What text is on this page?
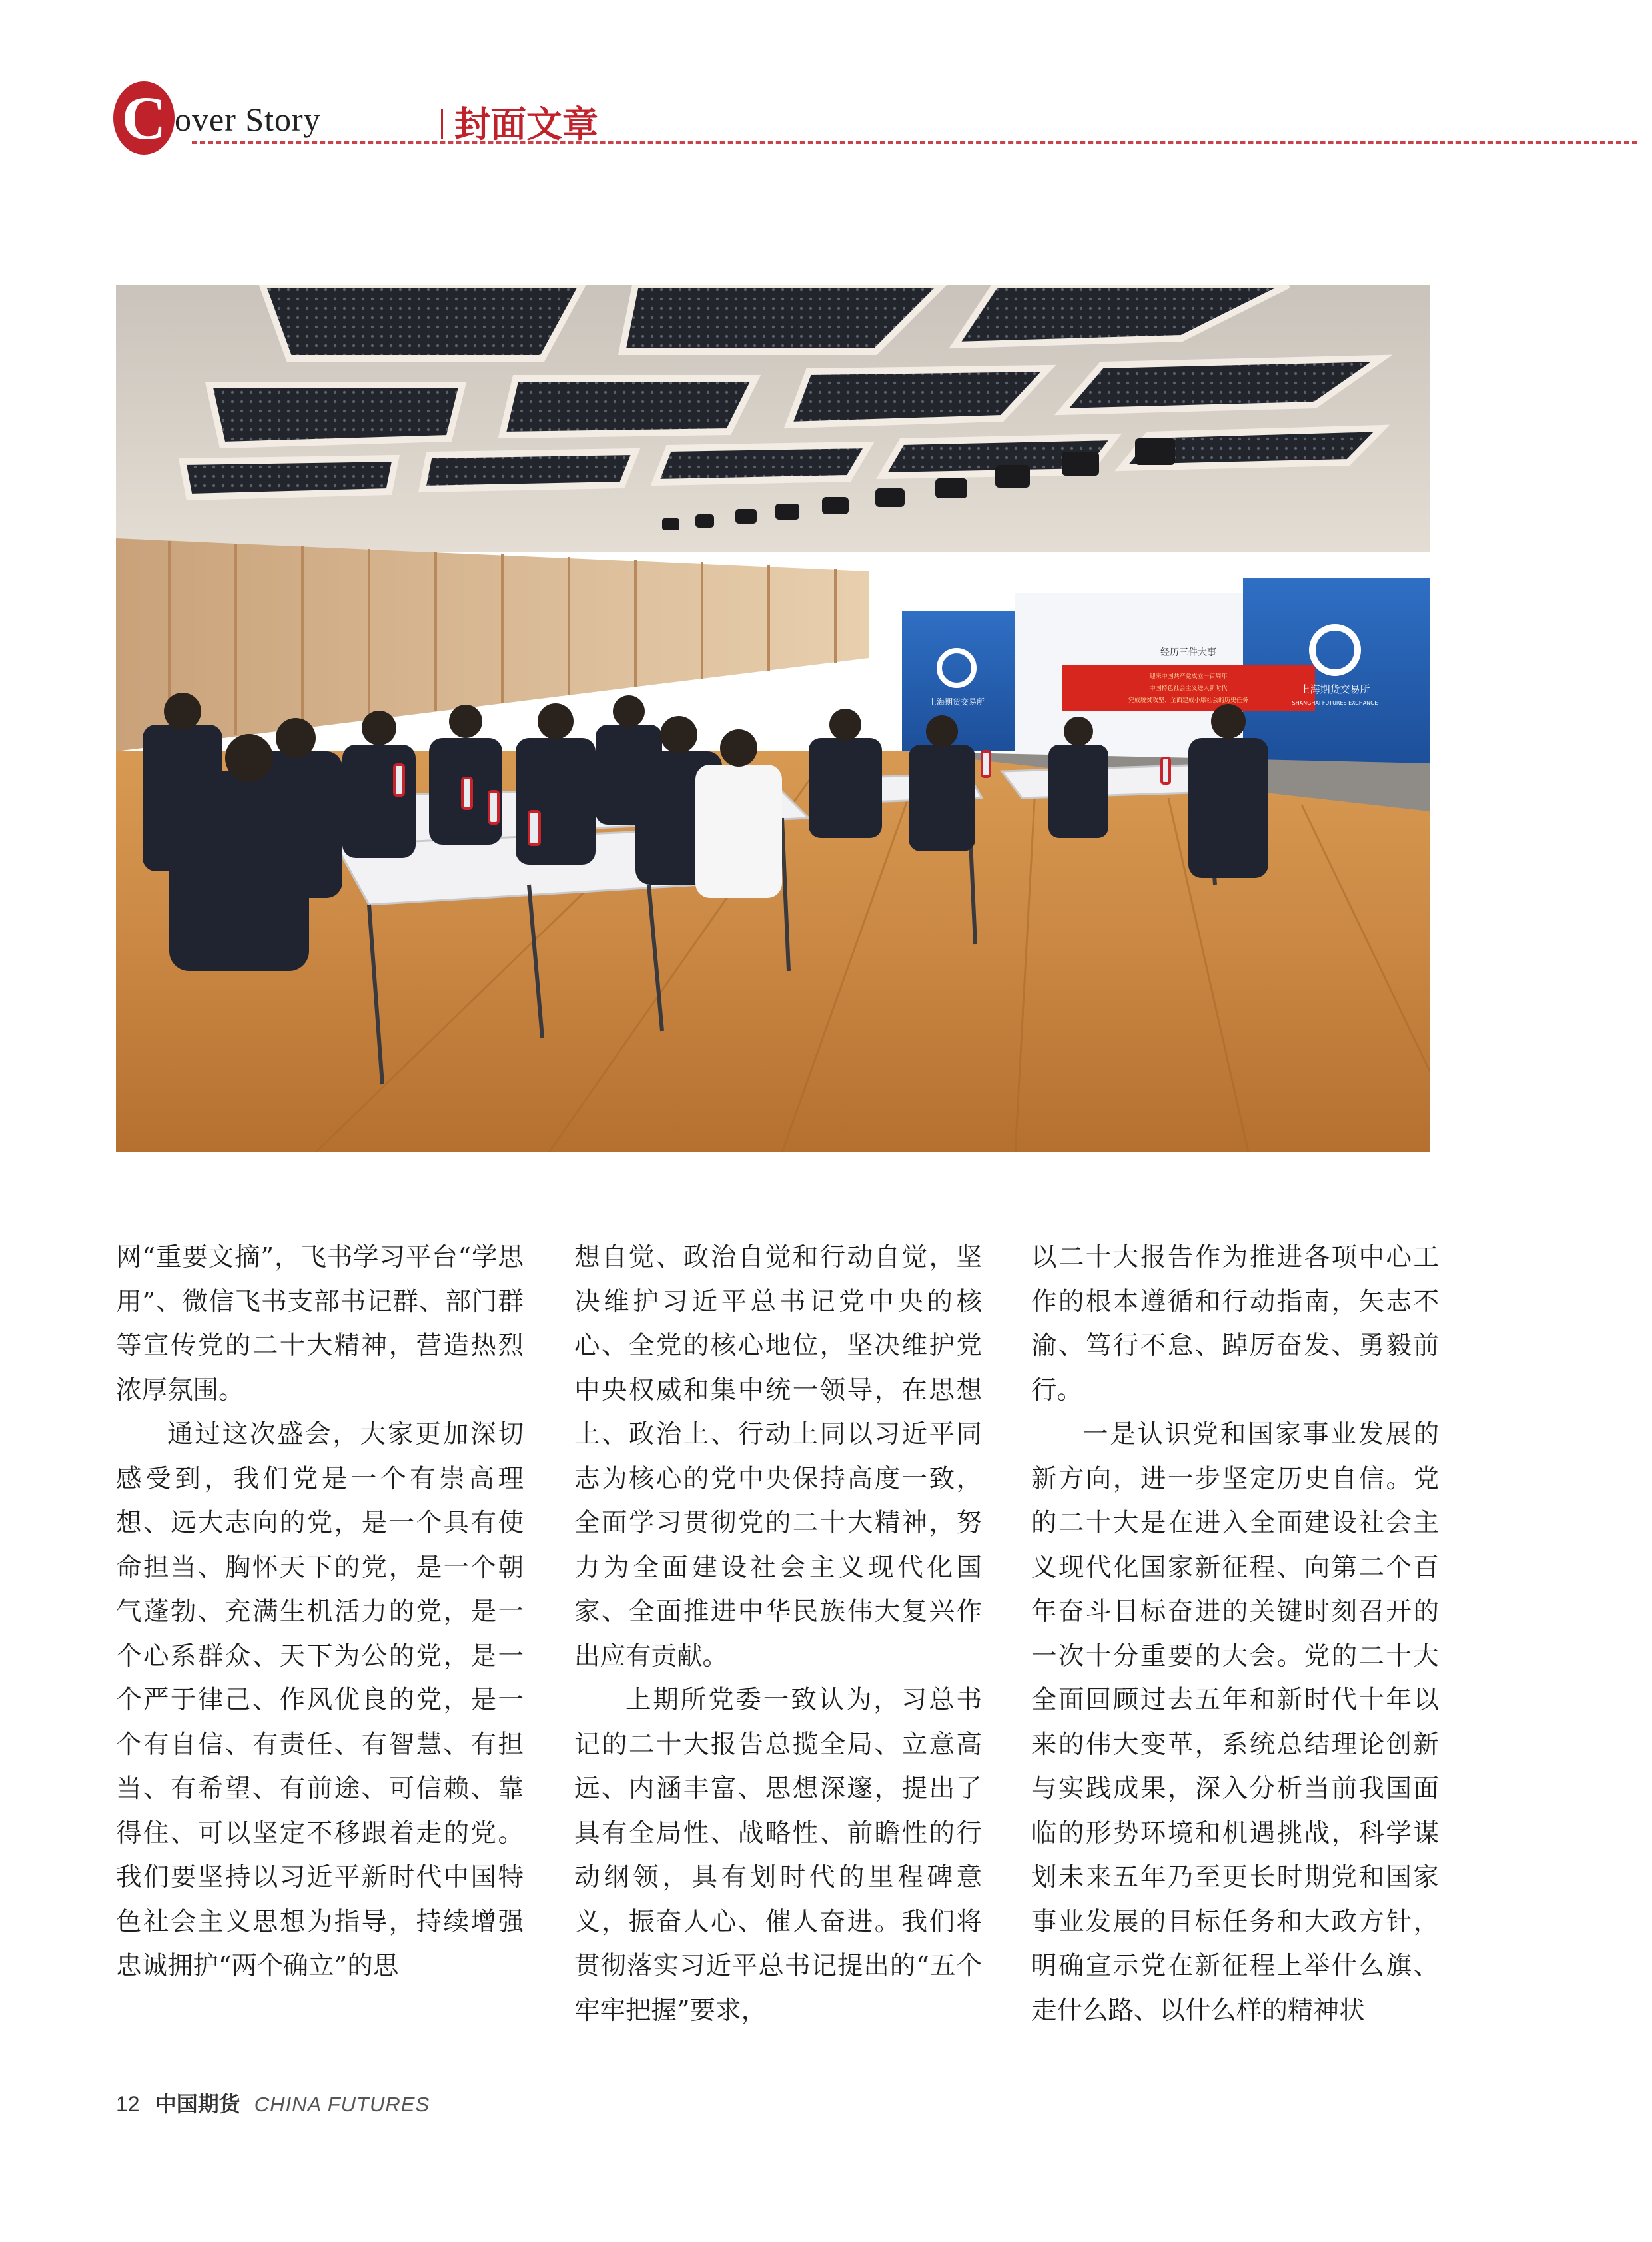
C over Story	封面文章
经历三件大事
迎来中国共产党成立一百周年
中国特色社会主义进入新时代
完成脱贫攻坚、全面建成小康社会的历史任务
上海期货交易所
上海期货交易所
SHANGHAI FUTURES EXCHANGE

网“重要文摘”，飞书学习平台“学思用”、微信飞书支部书记群、部门群等宣传党的二十大精神，营造热烈浓厚氛围。

通过这次盛会，大家更加深切感受到，我们党是一个有崇高理想、远大志向的党，是一个具有使命担当、胸怀天下的党，是一个朝气蓬勃、充满生机活力的党，是一个心系群众、天下为公的党，是一个严于律己、作风优良的党，是一个有自信、有责任、有智慧、有担当、有希望、有前途、可信赖、靠得住、可以坚定不移跟着走的党。我们要坚持以习近平新时代中国特色社会主义思想为指导，持续增强忠诚拥护“两个确立”的思

想自觉、政治自觉和行动自觉，坚决维护习近平总书记党中央的核心、全党的核心地位，坚决维护党中央权威和集中统一领导，在思想上、政治上、行动上同以习近平同志为核心的党中央保持高度一致，全面学习贯彻党的二十大精神，努力为全面建设社会主义现代化国家、全面推进中华民族伟大复兴作出应有贡献。

上期所党委一致认为，习总书记的二十大报告总揽全局、立意高远、内涵丰富、思想深邃，提出了具有全局性、战略性、前瞻性的行动纲领，具有划时代的里程碑意义，振奋人心、催人奋进。我们将贯彻落实习近平总书记提出的“五个牢牢把握”要求，

以二十大报告作为推进各项中心工作的根本遵循和行动指南，矢志不渝、笃行不怠、踔厉奋发、勇毅前行。

一是认识党和国家事业发展的新方向，进一步坚定历史自信。党的二十大是在进入全面建设社会主义现代化国家新征程、向第二个百年奋斗目标奋进的关键时刻召开的一次十分重要的大会。党的二十大全面回顾过去五年和新时代十年以来的伟大变革，系统总结理论创新与实践成果，深入分析当前我国面临的形势环境和机遇挑战，科学谋划未来五年乃至更长时期党和国家事业发展的目标任务和大政方针，明确宣示党在新征程上举什么旗、走什么路、以什么样的精神状

12 中国期货 CHINA FUTURES
